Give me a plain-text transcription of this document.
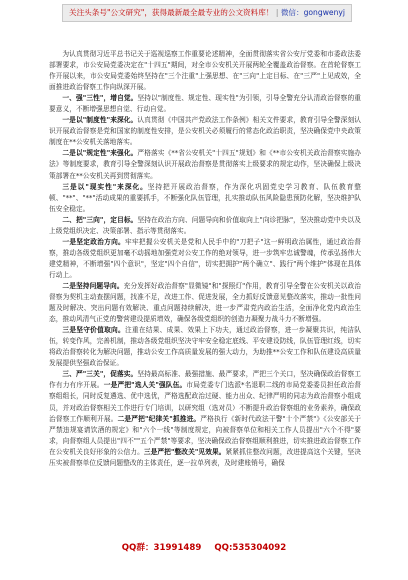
关注头条号"公文研究"，获得最新最全最专业的公文资料库！ | 微信：gongwenyj

为认真贯彻习近平总书记关于巡视巡察工作重要论述精神，全面贯彻落实省公安厅党委和市委政法委部署要求，市公安局党委决定在"十四五"期间，对全市公安机关开展两轮全覆盖政治督察。在首轮督察工作开展以来，市公安局党委始终坚持在"三个注重"上强思想、在"三向"上定目标、在"三严"上见成效，全面推进政治督察工作向纵深开展。

一、强"三性"，增自觉。坚持以"制度性、规定性、现实性"为引领，引导全警充分认清政治督察的重要意义，不断增强思想自觉、行动自觉。

一是以"制度性"来深化。认真贯彻《中国共产党政法工作条例》相关文件要求，教育引导全警深刻认识开展政治督察是党和国家的制度性安排，是公安机关必须履行的常态化政治职责，坚决确保党中央政策制度在**公安机关落地落实。

二是以"规定性"来强化。严格落实《**省公安机关"十四五"规划》和《**市公安机关政治督察实施办法》等制度要求，教育引导全警深刻认识开展政治督察是贯彻落实上级要求的规定动作，坚决确保上级决策部署在**公安机关再到贯彻落实。

三是以"现实性"来深化。坚持把开展政治督察，作为深化巩固党史学习教育、队伍教育整顿、"**"、"**"活动成果的重要抓手，不断强化队伍管理，扎实推动队伍风险隐患预防化解，坚决维护队伍安全稳定。

二、把"三向"，定目标。坚持在政治方向、问题导向和价值取向上"向诊把脉"，坚决推动党中央以及上级党组织决定、决策部署、指示等贯彻落实。

一是坚定政治方向。牢牢把握公安机关是党和人民手中的"刀把子"这一鲜明政治属性，通过政治督察，推动各级党组织更加毫不动摇地加强党对公安工作的绝对领导，进一步筑牢忠诚警魂，传承弘扬伟大建党精神，不断增强"四个意识"，坚定"四个自信"，切实把拥护"两个确立"、践行"两个维护"体现在具体行动上。

二是坚持问题导向。充分发挥好政治督察"显微镜"和"探照灯"作用，教育引导全警在公安机关以政治督察为契机主动查摆问题，找准不足，改进工作、促进发展，全力抓好反馈意见整改落实，推动一批性问题及时解决、突出问题有效解决、重点问题持续解决，进一步严肃党内政治生活，全面净化党内政治生态，推动风清气正党的警营建设提质增效，确保各级党组织的创造力凝聚力战斗力不断增强。

三是坚守价值取向。注重在结果、成果、效果上下功夫，通过政治督察，进一步凝聚共识，纯洁队伍，转变作风，完善机制，推动各级党组织坚决守牢安全稳定底线、平安建设防线，队伍管理红线，切实将政治督察转化为解决问题，推动公安工作高质量发展的强大动力，为助推**公安工作和队伍建设高质量发展提供坚强政治保证。

三、严"三关"，促落实。坚持最高标准、最强措施、最严要求，严把三个关口，坚决确保政治督察工作有力有序开展。一是严把"选人关"强队伍。市局党委专门选派*名退职二线的市局党委委员担任政治督察组组长，同时反复遴选、优中选优，严格选配政治过硬、能力出众、纪律严明的同志为政治督察小组成员，并对政治督察相关工作进行专门培训，以研究组（选对员）不断提升政治督察组的业务素养，确保政治督察工作顺利开展。二是严把"纪律关"抓推进。严格执行《新时代政法干警"十个严禁"》《公安部关于严禁违规宴请饮酒的规定》和"六个一线"等制度规定，向被督察单位和相关工作人员提出"六个不得"要求，向督察组人员提出"四不""五个严禁"等要求，坚决确保政治督察组顺利推进，切实推进政治督察工作在公安机关良好形象的公信力。三是严把"整改关"见效果。紧紧抓住整改问题，改进提高这个关键，坚决压实被督察单位反馈问题整改的主体责任，逐一拉单列表，及时建账销号，确保

QQ群：31991489 QQ:535304092
